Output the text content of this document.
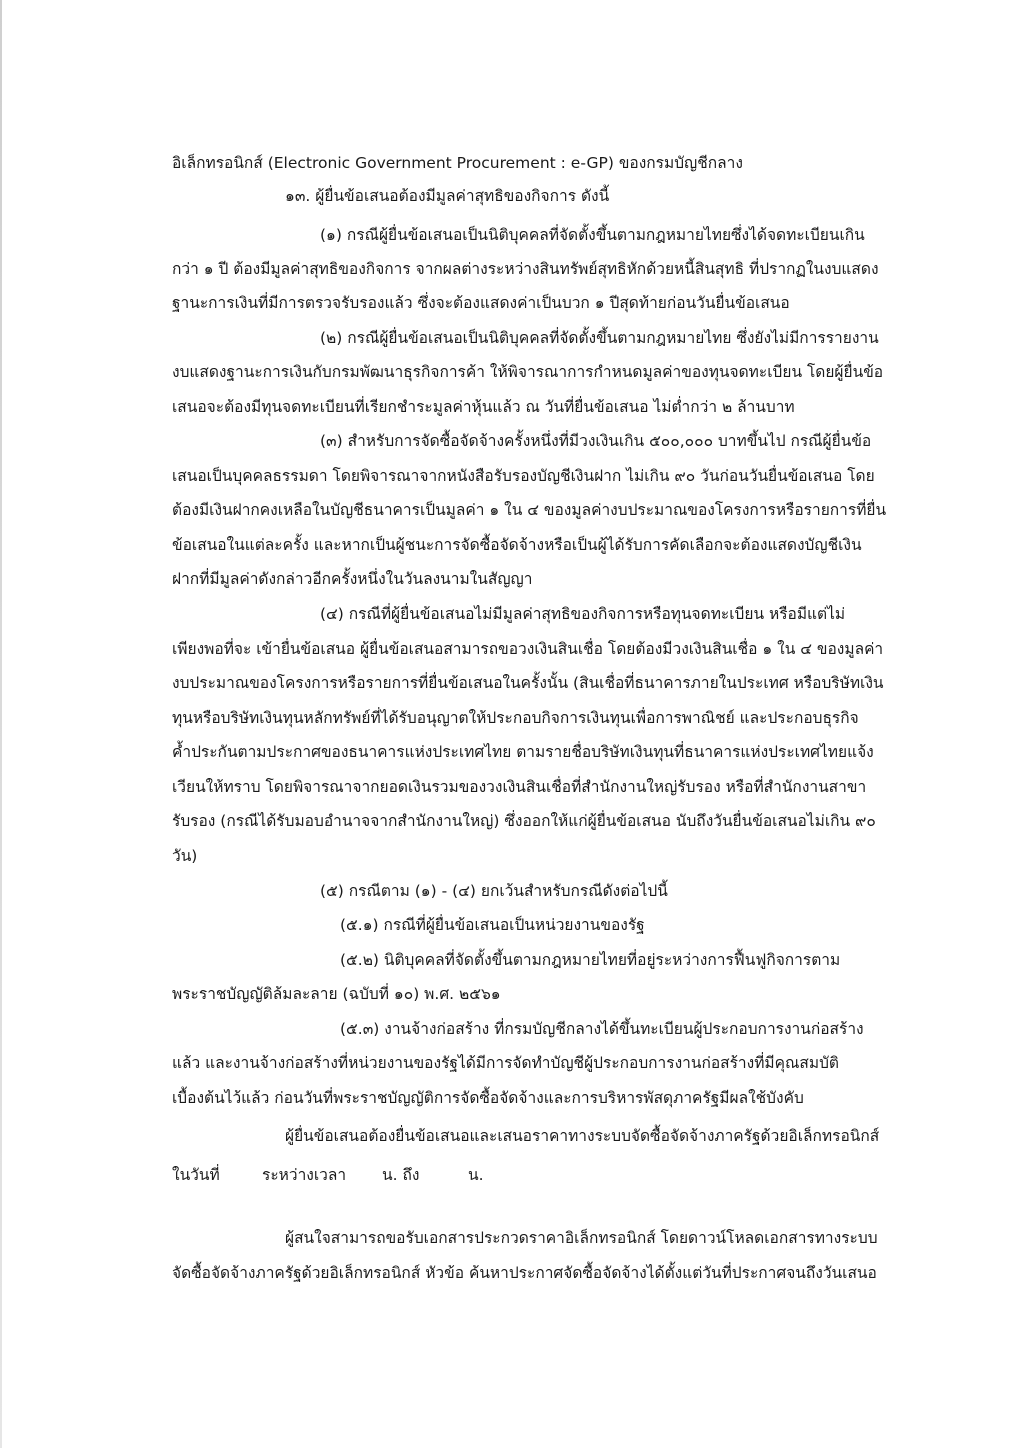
อิเล็กทรอนิกส์ (Electronic Government Procurement : e-GP) ของกรมบัญชีกลาง

๑๓. ผู้ยื่นข้อเสนอต้องมีมูลค่าสุทธิของกิจการ ดังนี้

(๑) กรณีผู้ยื่นข้อเสนอเป็นนิติบุคคลที่จัดตั้งขึ้นตามกฎหมายไทยซึ่งได้จดทะเบียนเกิน

กว่า ๑ ปี ต้องมีมูลค่าสุทธิของกิจการ จากผลต่างระหว่างสินทรัพย์สุทธิหักด้วยหนี้สินสุทธิ ที่ปรากฏในงบแสดง

ฐานะการเงินที่มีการตรวจรับรองแล้ว ซึ่งจะต้องแสดงค่าเป็นบวก ๑ ปีสุดท้ายก่อนวันยื่นข้อเสนอ

(๒) กรณีผู้ยื่นข้อเสนอเป็นนิติบุคคลที่จัดตั้งขึ้นตามกฎหมายไทย ซึ่งยังไม่มีการรายงาน

งบแสดงฐานะการเงินกับกรมพัฒนาธุรกิจการค้า ให้พิจารณาการกำหนดมูลค่าของทุนจดทะเบียน โดยผู้ยื่นข้อ

เสนอจะต้องมีทุนจดทะเบียนที่เรียกชำระมูลค่าหุ้นแล้ว ณ วันที่ยื่นข้อเสนอ ไม่ต่ำกว่า ๒ ล้านบาท

(๓) สำหรับการจัดซื้อจัดจ้างครั้งหนึ่งที่มีวงเงินเกิน ๕๐๐,๐๐๐ บาทขึ้นไป กรณีผู้ยื่นข้อ

เสนอเป็นบุคคลธรรมดา โดยพิจารณาจากหนังสือรับรองบัญชีเงินฝาก ไม่เกิน ๙๐ วันก่อนวันยื่นข้อเสนอ โดย

ต้องมีเงินฝากคงเหลือในบัญชีธนาคารเป็นมูลค่า ๑ ใน ๔ ของมูลค่างบประมาณของโครงการหรือรายการที่ยื่น

ข้อเสนอในแต่ละครั้ง และหากเป็นผู้ชนะการจัดซื้อจัดจ้างหรือเป็นผู้ได้รับการคัดเลือกจะต้องแสดงบัญชีเงิน

ฝากที่มีมูลค่าดังกล่าวอีกครั้งหนึ่งในวันลงนามในสัญญา

(๔) กรณีที่ผู้ยื่นข้อเสนอไม่มีมูลค่าสุทธิของกิจการหรือทุนจดทะเบียน หรือมีแต่ไม่

เพียงพอที่จะ เข้ายื่นข้อเสนอ ผู้ยื่นข้อเสนอสามารถขอวงเงินสินเชื่อ โดยต้องมีวงเงินสินเชื่อ ๑ ใน ๔ ของมูลค่า

งบประมาณของโครงการหรือรายการที่ยื่นข้อเสนอในครั้งนั้น (สินเชื่อที่ธนาคารภายในประเทศ หรือบริษัทเงิน

ทุนหรือบริษัทเงินทุนหลักทรัพย์ที่ได้รับอนุญาตให้ประกอบกิจการเงินทุนเพื่อการพาณิชย์ และประกอบธุรกิจ

ค้ำประกันตามประกาศของธนาคารแห่งประเทศไทย ตามรายชื่อบริษัทเงินทุนที่ธนาคารแห่งประเทศไทยแจ้ง

เวียนให้ทราบ โดยพิจารณาจากยอดเงินรวมของวงเงินสินเชื่อที่สำนักงานใหญ่รับรอง หรือที่สำนักงานสาขา

รับรอง (กรณีได้รับมอบอำนาจจากสำนักงานใหญ่) ซึ่งออกให้แก่ผู้ยื่นข้อเสนอ นับถึงวันยื่นข้อเสนอไม่เกิน ๙๐

วัน)

(๕) กรณีตาม (๑) - (๔) ยกเว้นสำหรับกรณีดังต่อไปนี้

(๕.๑) กรณีที่ผู้ยื่นข้อเสนอเป็นหน่วยงานของรัฐ

(๕.๒) นิติบุคคลที่จัดตั้งขึ้นตามกฎหมายไทยที่อยู่ระหว่างการฟื้นฟูกิจการตาม

พระราชบัญญัติล้มละลาย (ฉบับที่ ๑๐) พ.ศ. ๒๕๖๑

(๕.๓) งานจ้างก่อสร้าง ที่กรมบัญชีกลางได้ขึ้นทะเบียนผู้ประกอบการงานก่อสร้าง

แล้ว และงานจ้างก่อสร้างที่หน่วยงานของรัฐได้มีการจัดทำบัญชีผู้ประกอบการงานก่อสร้างที่มีคุณสมบัติ

เบื้องต้นไว้แล้ว ก่อนวันที่พระราชบัญญัติการจัดซื้อจัดจ้างและการบริหารพัสดุภาครัฐมีผลใช้บังคับ

ผู้ยื่นข้อเสนอต้องยื่นข้อเสนอและเสนอราคาทางระบบจัดซื้อจัดจ้างภาครัฐด้วยอิเล็กทรอนิกส์

ในวันที่	ระหว่างเวลา น. ถึง	น.

ผู้สนใจสามารถขอรับเอกสารประกวดราคาอิเล็กทรอนิกส์ โดยดาวน์โหลดเอกสารทางระบบ

จัดซื้อจัดจ้างภาครัฐด้วยอิเล็กทรอนิกส์ หัวข้อ ค้นหาประกาศจัดซื้อจัดจ้างได้ตั้งแต่วันที่ประกาศจนถึงวันเสนอ
